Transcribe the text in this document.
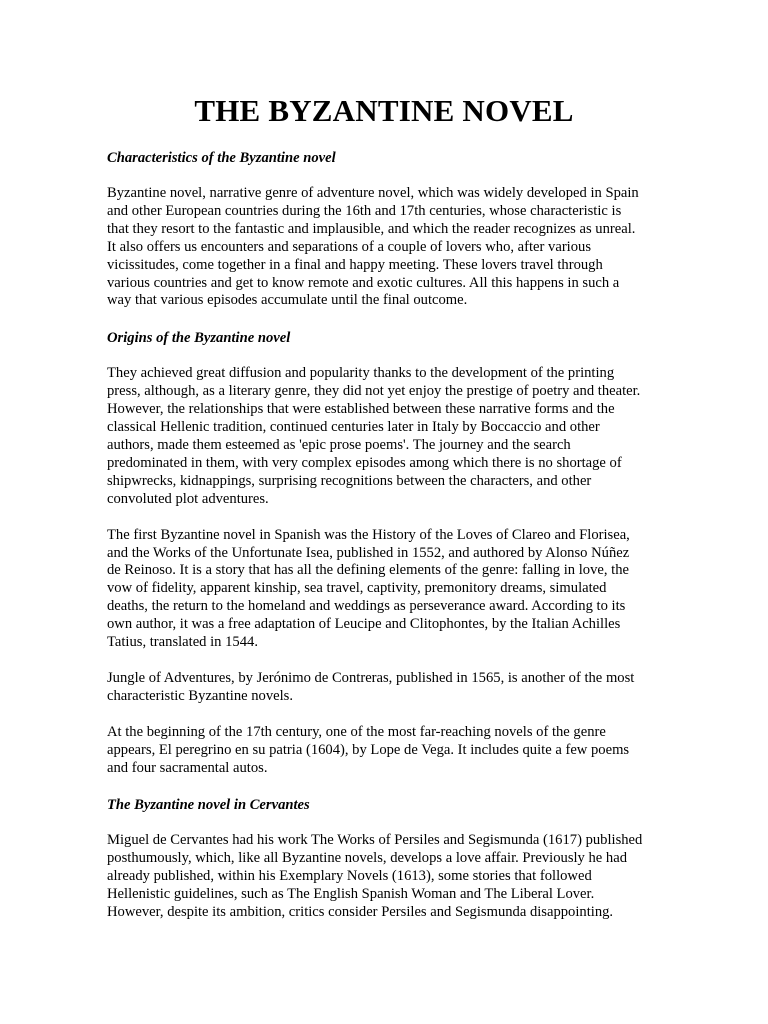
THE BYZANTINE NOVEL

Characteristics of the Byzantine novel

Byzantine novel, narrative genre of adventure novel, which was widely developed in Spain
and other European countries during the 16th and 17th centuries, whose characteristic is
that they resort to the fantastic and implausible, and which the reader recognizes as unreal.
It also offers us encounters and separations of a couple of lovers who, after various
vicissitudes, come together in a final and happy meeting. These lovers travel through
various countries and get to know remote and exotic cultures. All this happens in such a
way that various episodes accumulate until the final outcome.

Origins of the Byzantine novel

They achieved great diffusion and popularity thanks to the development of the printing
press, although, as a literary genre, they did not yet enjoy the prestige of poetry and theater.
However, the relationships that were established between these narrative forms and the
classical Hellenic tradition, continued centuries later in Italy by Boccaccio and other
authors, made them esteemed as 'epic prose poems'. The journey and the search
predominated in them, with very complex episodes among which there is no shortage of
shipwrecks, kidnappings, surprising recognitions between the characters, and other
convoluted plot adventures.

The first Byzantine novel in Spanish was the History of the Loves of Clareo and Florisea,
and the Works of the Unfortunate Isea, published in 1552, and authored by Alonso Núñez
de Reinoso. It is a story that has all the defining elements of the genre: falling in love, the
vow of fidelity, apparent kinship, sea travel, captivity, premonitory dreams, simulated
deaths, the return to the homeland and weddings as perseverance award. According to its
own author, it was a free adaptation of Leucipe and Clitophontes, by the Italian Achilles
Tatius, translated in 1544.

Jungle of Adventures, by Jerónimo de Contreras, published in 1565, is another of the most
characteristic Byzantine novels.

At the beginning of the 17th century, one of the most far-reaching novels of the genre
appears, El peregrino en su patria (1604), by Lope de Vega. It includes quite a few poems
and four sacramental autos.

The Byzantine novel in Cervantes

Miguel de Cervantes had his work The Works of Persiles and Segismunda (1617) published
posthumously, which, like all Byzantine novels, develops a love affair. Previously he had
already published, within his Exemplary Novels (1613), some stories that followed
Hellenistic guidelines, such as The English Spanish Woman and The Liberal Lover.
However, despite its ambition, critics consider Persiles and Segismunda disappointing.
